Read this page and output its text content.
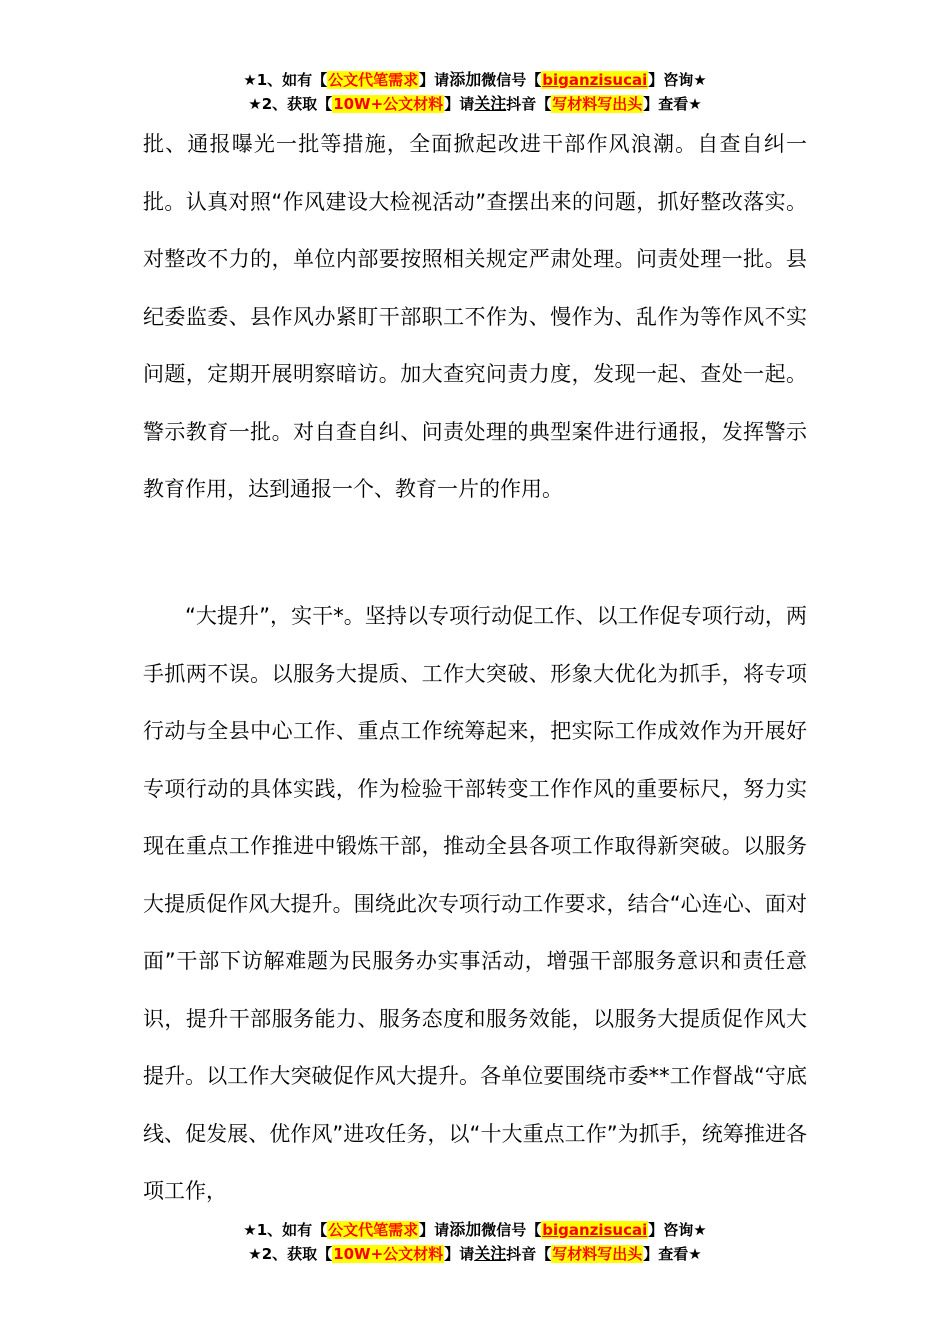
★1、如有【公文代笔需求】请添加微信号【biganzisucai】咨询★
★2、获取【10W+公文材料】请关注抖音【写材料写出头】查看★

批、通报曝光一批等措施，全面掀起改进干部作风浪潮。自查自纠一批。认真对照“作风建设大检视活动”查摆出来的问题，抓好整改落实。对整改不力的，单位内部要按照相关规定严肃处理。问责处理一批。县纪委监委、县作风办紧盯干部职工不作为、慢作为、乱作为等作风不实问题，定期开展明察暗访。加大查究问责力度，发现一起、查处一起。警示教育一批。对自查自纠、问责处理的典型案件进行通报，发挥警示教育作用，达到通报一个、教育一片的作用。

“大提升”，实干*。坚持以专项行动促工作、以工作促专项行动，两手抓两不误。以服务大提质、工作大突破、形象大优化为抓手，将专项行动与全县中心工作、重点工作统筹起来，把实际工作成效作为开展好专项行动的具体实践，作为检验干部转变工作作风的重要标尺，努力实现在重点工作推进中锻炼干部，推动全县各项工作取得新突破。以服务大提质促作风大提升。围绕此次专项行动工作要求，结合“心连心、面对面”干部下访解难题为民服务办实事活动，增强干部服务意识和责任意识，提升干部服务能力、服务态度和服务效能，以服务大提质促作风大提升。以工作大突破促作风大提升。各单位要围绕市委**工作督战“守底线、促发展、优作风”进攻任务，以“十大重点工作”为抓手，统筹推进各项工作，

★1、如有【公文代笔需求】请添加微信号【biganzisucai】咨询★
★2、获取【10W+公文材料】请关注抖音【写材料写出头】查看★
